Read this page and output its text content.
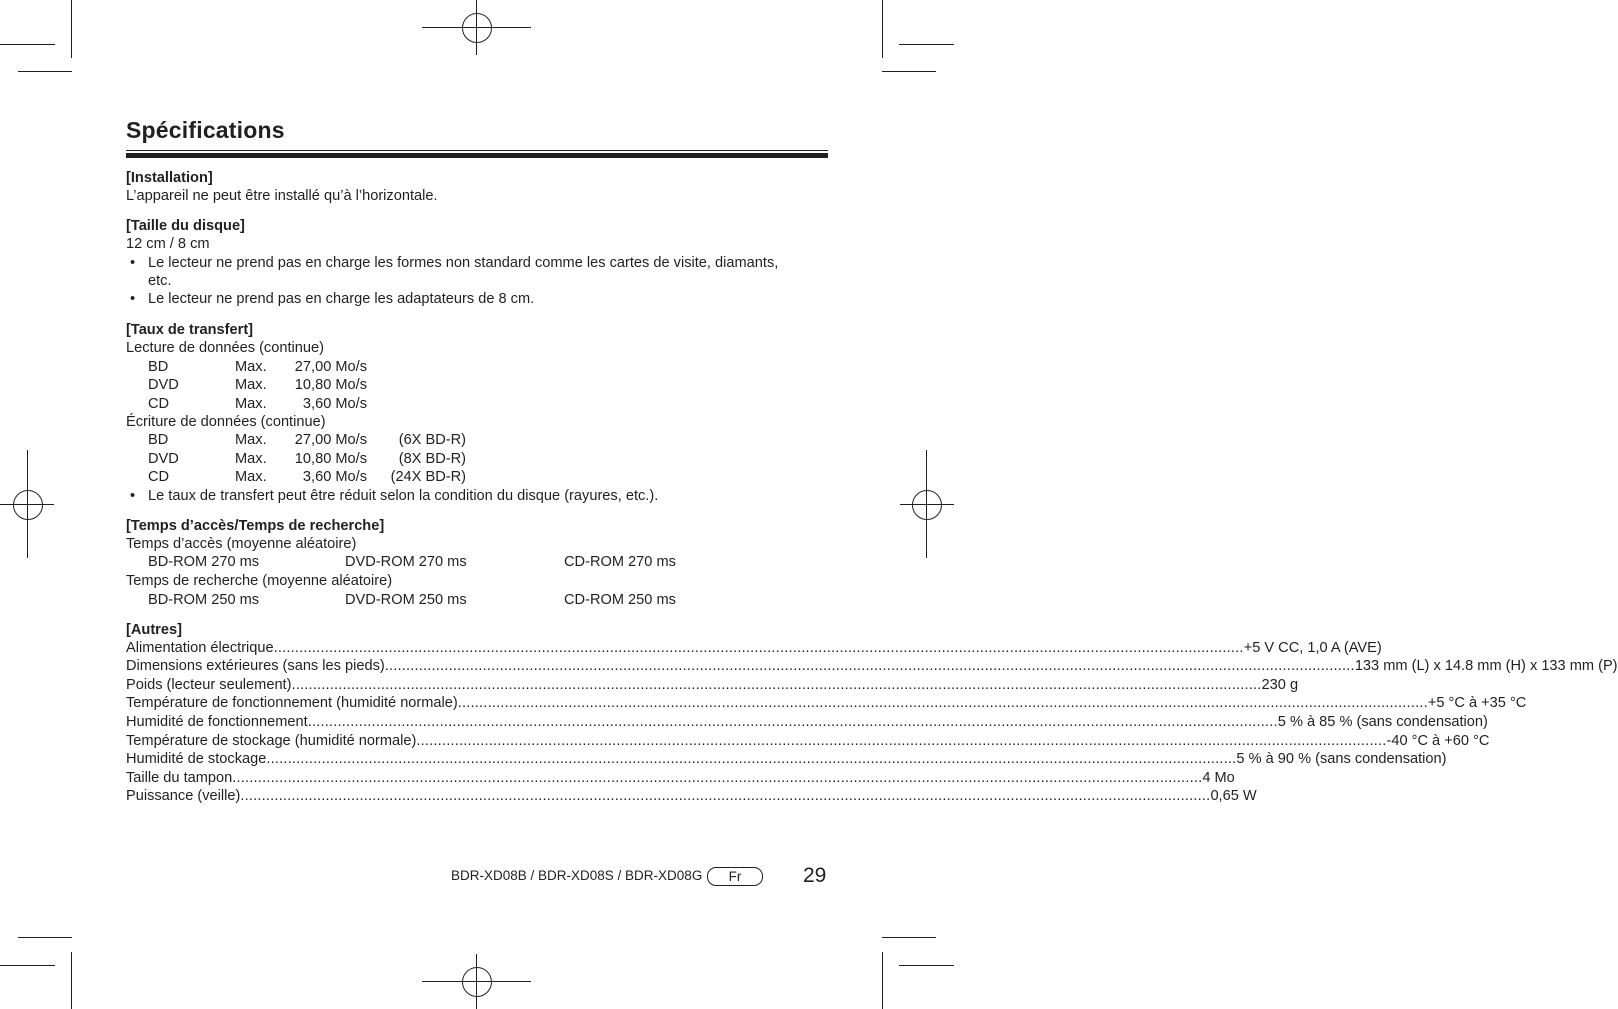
Spécifications
[Installation]
L’appareil ne peut être installé qu’à l’horizontale.
[Taille du disque]
12 cm / 8 cm
• Le lecteur ne prend pas en charge les formes non standard comme les cartes de visite, diamants,
etc.
• Le lecteur ne prend pas en charge les adaptateurs de 8 cm.
[Taux de transfert]
Lecture de données (continue)
BD	Max. 27,00 Mo/s
DVD	Max. 10,80 Mo/s
CD	Max. 3,60 Mo/s
Écriture de données (continue)
BD	Max. 27,00 Mo/s (6X BD-R)
DVD	Max. 10,80 Mo/s (8X BD-R)
CD	Max. 3,60 Mo/s (24X BD-R)
• Le taux de transfert peut être réduit selon la condition du disque (rayures, etc.).
[Temps d’accès/Temps de recherche]
Temps d’accès (moyenne aléatoire)
BD-ROM 270 ms	DVD-ROM 270 ms	CD-ROM 270 ms
Temps de recherche (moyenne aléatoire)
BD-ROM 250 ms	DVD-ROM 250 ms	CD-ROM 250 ms
[Autres]
Alimentation électrique .................................................................................................................................................................................................................................... +5 V CC, 1,0 A (AVE)
Dimensions extérieures (sans les pieds) .................................................................................................................................................................................................................................... 133 mm (L) x 14.8 mm (H) x 133 mm (P)
Poids (lecteur seulement) .................................................................................................................................................................................................................................... 230 g
Température de fonctionnement (humidité normale) .................................................................................................................................................................................................................................... +5 °C à +35 °C
Humidité de fonctionnement .................................................................................................................................................................................................................................... 5 % à 85 % (sans condensation)
Température de stockage (humidité normale) .................................................................................................................................................................................................................................... -40 °C à +60 °C
Humidité de stockage .................................................................................................................................................................................................................................... 5 % à 90 % (sans condensation)
Taille du tampon .................................................................................................................................................................................................................................... 4 Mo
Puissance (veille) .................................................................................................................................................................................................................................... 0,65 W
BDR-XD08B / BDR-XD08S / BDR-XD08G	Fr	29
